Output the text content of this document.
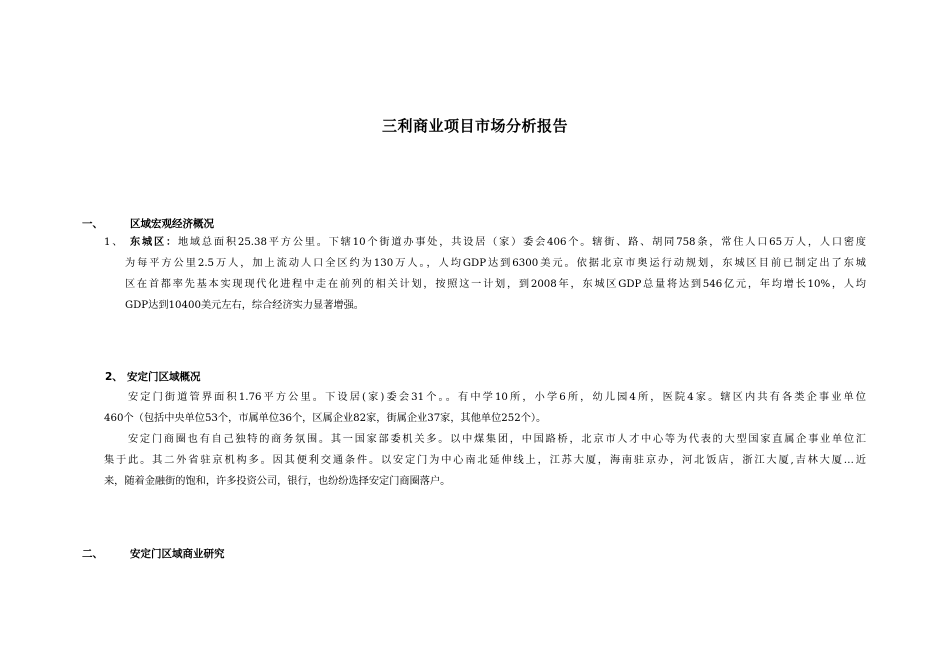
三利商业项目市场分析报告
一、	区域宏观经济概况
1、 东城区：地域总面积25.38平方公里。下辖10个街道办事处，共设居（家）委会406个。辖街、路、胡同758条，常住人口65万人，人口密度
为每平方公里2.5万人，加上流动人口全区约为130万人。，人均GDP达到6300美元。依据北京市奥运行动规划，东城区目前已制定出了东城
区在首都率先基本实现现代化进程中走在前列的相关计划，按照这一计划，到2008年，东城区GDP总量将达到546亿元，年均增长10%，人均
GDP达到10400美元左右，综合经济实力显著增强。
2、 安定门区域概况
安定门街道管界面积1.76平方公里。下设居(家)委会31个。。有中学10所，小学6所，幼儿园4所，医院4家。辖区内共有各类企事业单位
460个（包括中央单位53个，市属单位36个，区属企业82家，街属企业37家，其他单位252个）。
安定门商圈也有自己独特的商务氛围。其一国家部委机关多。以中煤集团，中国路桥，北京市人才中心等为代表的大型国家直属企事业单位汇
集于此。其二外省驻京机构多。因其便利交通条件。以安定门为中心南北延伸线上，江苏大厦，海南驻京办，河北饭店，浙江大厦,吉林大厦…近
来，随着金融街的饱和，许多投资公司，银行，也纷纷选择安定门商圈落户。
二、	安定门区域商业研究
